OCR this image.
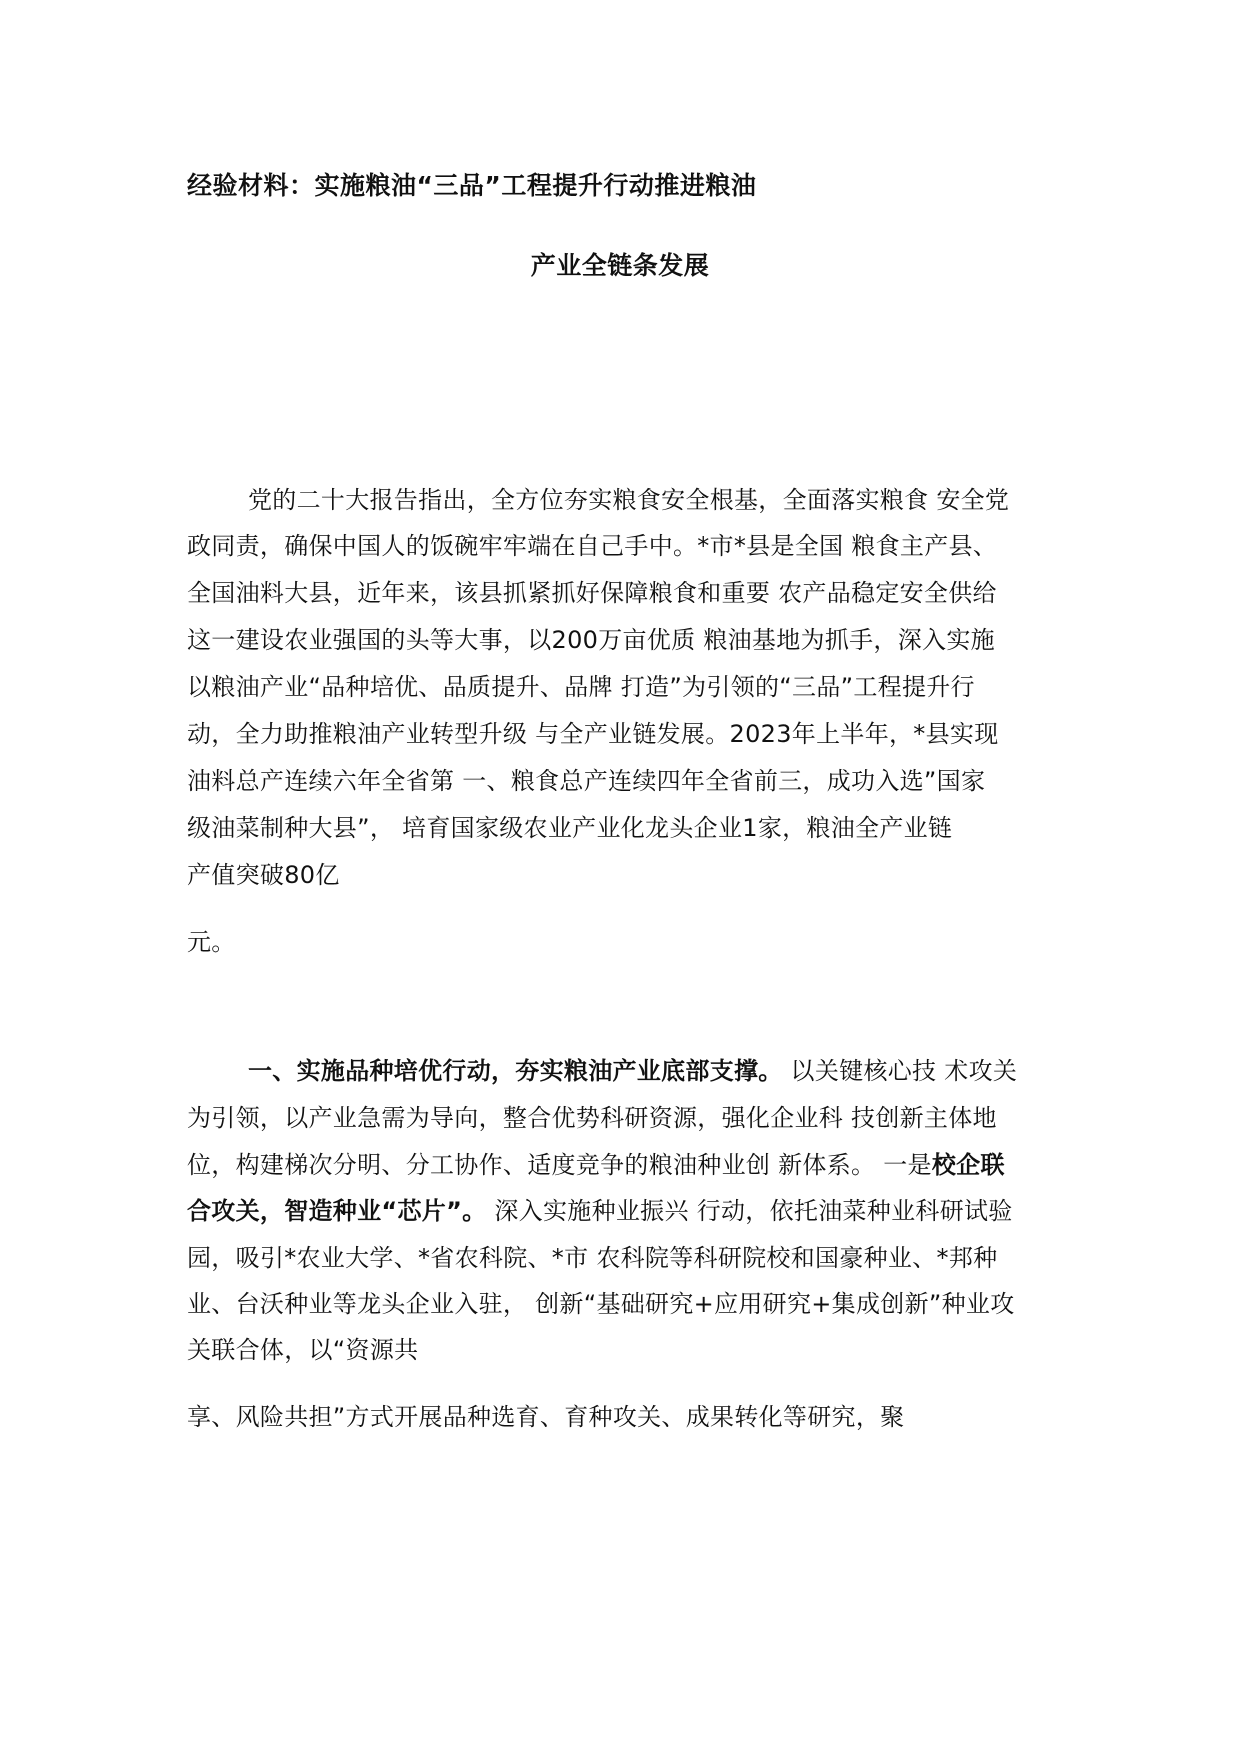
经验材料：实施粮油“三品”工程提升行动推进粮油
产业全链条发展
党的二十大报告指出，全方位夯实粮食安全根基，全面落实粮食 安全党
政同责，确保中国人的饭碗牢牢端在自己手中。*市*县是全国 粮食主产县、
全国油料大县，近年来，该县抓紧抓好保障粮食和重要 农产品稳定安全供给
这一建设农业强国的头等大事，以200万亩优质 粮油基地为抓手，深入实施
以粮油产业“品种培优、品质提升、品牌 打造”为引领的“三品”工程提升行
动，全力助推粮油产业转型升级 与全产业链发展。2023年上半年，*县实现
油料总产连续六年全省第 一、粮食总产连续四年全省前三，成功入选”国家
级油菜制种大县”， 培育国家级农业产业化龙头企业1家，粮油全产业链
产值突破80亿
元。
一、实施品种培优行动，夯实粮油产业底部支撑。 以关键核心技 术攻关
为引领，以产业急需为导向，整合优势科研资源，强化企业科 技创新主体地
位，构建梯次分明、分工协作、适度竞争的粮油种业创 新体系。 一是校企联
合攻关，智造种业“芯片”。 深入实施种业振兴 行动，依托油菜种业科研试验
园，吸引*农业大学、*省农科院、*市 农科院等科研院校和国豪种业、*邦种
业、台沃种业等龙头企业入驻， 创新“基础研究+应用研究+集成创新”种业攻
关联合体，以“资源共
享、风险共担”方式开展品种选育、育种攻关、成果转化等研究，聚
